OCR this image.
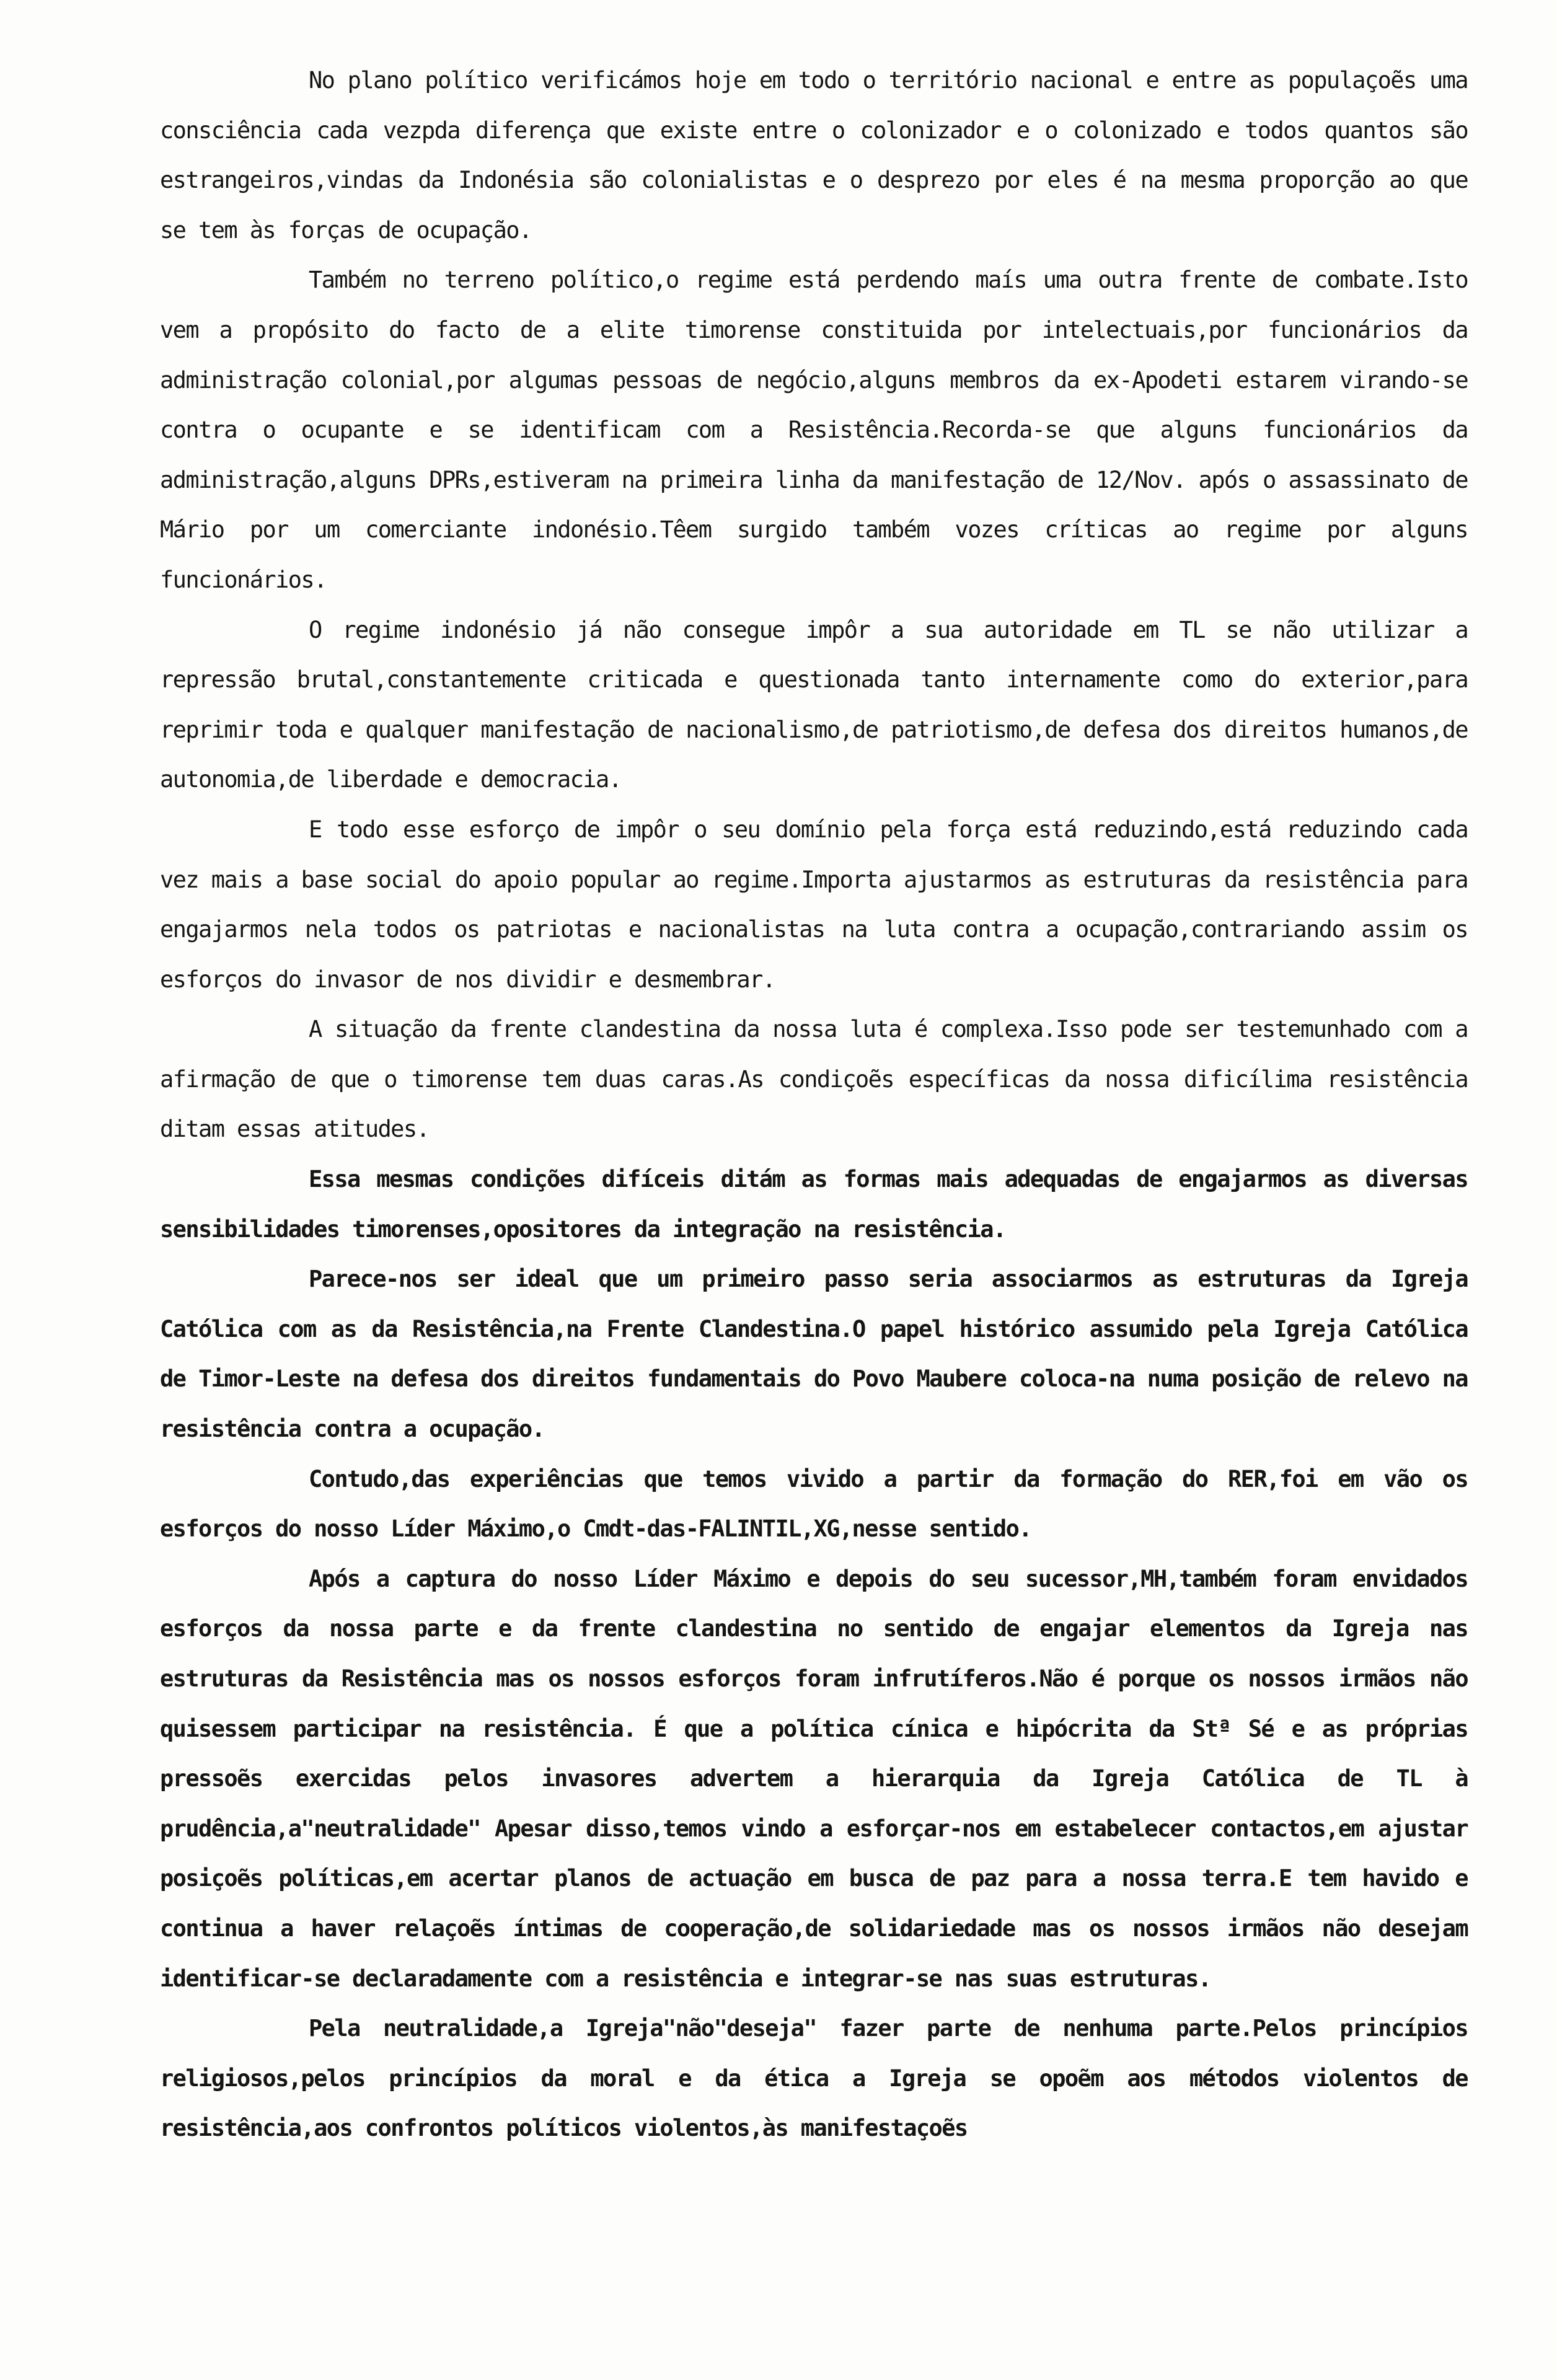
No plano político verificámos hoje em todo o território nacional e entre as populaçoẽs uma consciência cada vezpda diferença que existe entre o colonizador e o colonizado e todos quantos são estrangeiros,vindas da Indonésia são colonialistas e o desprezo por eles é na mesma proporção ao que se tem às forças de ocupação.

Também no terreno político,o regime está perdendo maís uma outra frente de combate.Isto vem a propósito do facto de a elite timorense constituida por intelectuais,por funcionários da administração colonial,por algumas pessoas de negócio,alguns membros da ex-Apodeti estarem virando-se contra o ocupante e se identificam com a Resistência.Recorda-se que alguns funcionários da administração,alguns DPRs,estiveram na primeira linha da manifestação de 12/Nov. após o assassinato de Mário por um comerciante indonésio.Têem surgido também vozes críticas ao regime por alguns funcionários.

O regime indonésio já não consegue impôr a sua autoridade em TL se não utilizar a repressão brutal,constantemente criticada e questionada tanto internamente como do exterior,para reprimir toda e qualquer manifestação de nacionalismo,de patriotismo,de defesa dos direitos humanos,de autonomia,de liberdade e democracia.

E todo esse esforço de impôr o seu domínio pela força está reduzindo,está reduzindo cada vez mais a base social do apoio popular ao regime.Importa ajustarmos as estruturas da resistência para engajarmos nela todos os patriotas e nacionalistas na luta contra a ocupação,contrariando assim os esforços do invasor de nos dividir e desmembrar.

A situação da frente clandestina da nossa luta é complexa.Isso pode ser testemunhado com a afirmação de que o timorense tem duas caras.As condiçoẽs específicas da nossa dificílima resistência ditam essas atitudes.

Essa mesmas condições difíceis ditám as formas mais adequadas de engajarmos as diversas sensibilidades timorenses,opositores da integração na resistência.

Parece-nos ser ideal que um primeiro passo seria associarmos as estruturas da Igreja Católica com as da Resistência,na Frente Clandestina.O papel histórico assumido pela Igreja Católica de Timor-Leste na defesa dos direitos fundamentais do Povo Maubere coloca-na numa posição de relevo na resistência contra a ocupação.

Contudo,das experiências que temos vivido a partir da formação do RER,foi em vão os esforços do nosso Líder Máximo,o Cmdt-das-FALINTIL,XG,nesse sentido.

Após a captura do nosso Líder Máximo e depois do seu sucessor,MH,também foram envidados esforços da nossa parte e da frente clandestina no sentido de engajar elementos da Igreja nas estruturas da Resistência mas os nossos esforços foram infrutíferos.Não é porque os nossos irmãos não quisessem participar na resistência. É que a política cínica e hipócrita da Stª Sé e as próprias pressoẽs exercidas pelos invasores advertem a hierarquia da Igreja Católica de TL à prudência,a"neutralidade" Apesar disso,temos vindo a esforçar-nos em estabelecer contactos,em ajustar posiçoẽs políticas,em acertar planos de actuação em busca de paz para a nossa terra.E tem havido e continua a haver relaçoẽs íntimas de cooperação,de solidariedade mas os nossos irmãos não desejam identificar-se declaradamente com a resistência e integrar-se nas suas estruturas.

Pela neutralidade,a Igreja"não"deseja" fazer parte de nenhuma parte.Pelos princípios religiosos,pelos princípios da moral e da ética a Igreja se opoẽm aos métodos violentos de resistência,aos confrontos políticos violentos,às manifestaçoẽs
